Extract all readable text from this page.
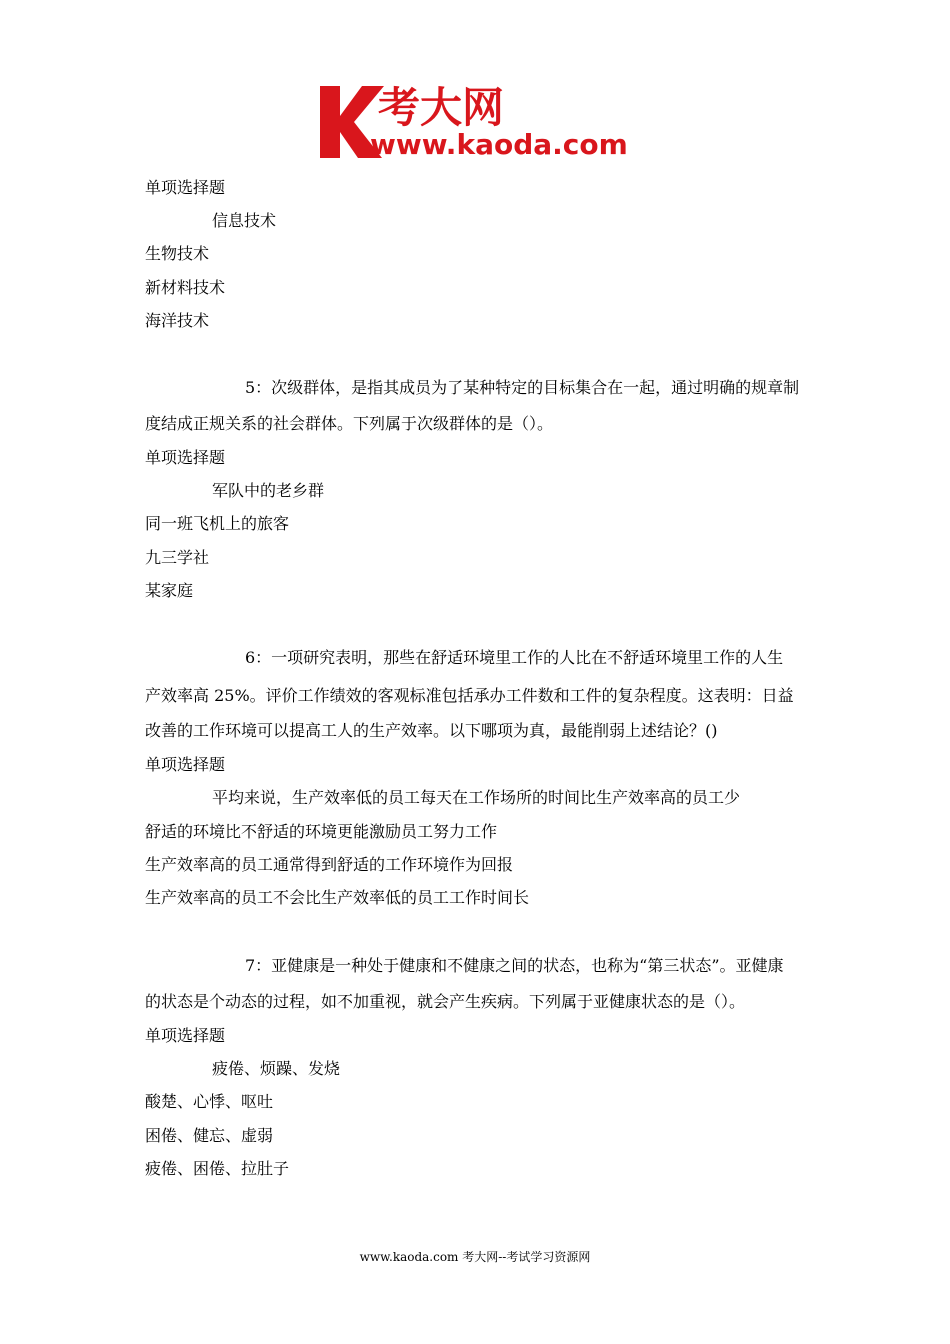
考大网
www.kaoda.com
单项选择题
信息技术
生物技术
新材料技术
海洋技术
5：次级群体，是指其成员为了某种特定的目标集合在一起，通过明确的规章制
度结成正规关系的社会群体。下列属于次级群体的是（）。
单项选择题
军队中的老乡群
同一班飞机上的旅客
九三学社
某家庭
6：一项研究表明，那些在舒适环境里工作的人比在不舒适环境里工作的人生
产效率高 25%。评价工作绩效的客观标准包括承办工件数和工件的复杂程度。这表明：日益
改善的工作环境可以提高工人的生产效率。以下哪项为真，最能削弱上述结论？()
单项选择题
平均来说，生产效率低的员工每天在工作场所的时间比生产效率高的员工少
舒适的环境比不舒适的环境更能激励员工努力工作
生产效率高的员工通常得到舒适的工作环境作为回报
生产效率高的员工不会比生产效率低的员工工作时间长
7：亚健康是一种处于健康和不健康之间的状态，也称为“第三状态”。亚健康
的状态是个动态的过程，如不加重视，就会产生疾病。下列属于亚健康状态的是（）。
单项选择题
疲倦、烦躁、发烧
酸楚、心悸、呕吐
困倦、健忘、虚弱
疲倦、困倦、拉肚子
www.kaoda.com 考大网--考试学习资源网
